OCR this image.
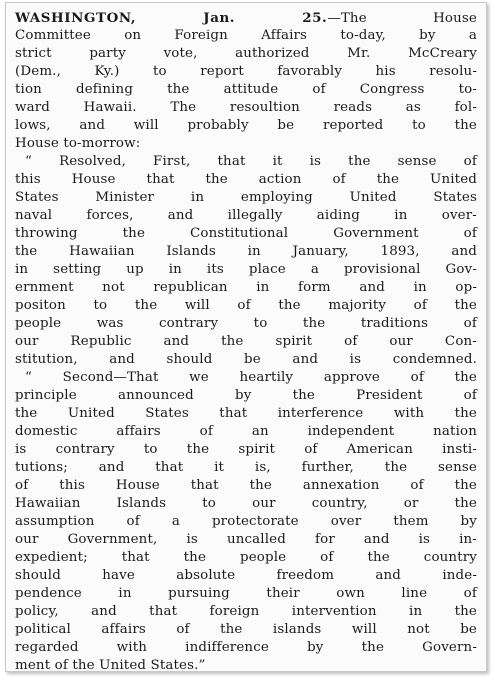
WASHINGTON, Jan. 25.—The House
Committee on Foreign Affairs to-day, by a
strict party vote, authorized Mr. McCreary
(Dem., Ky.) to report favorably his resolu-
tion defining the attitude of Congress to-
ward Hawaii. The resoultion reads as fol-
lows, and will probably be reported to the
House to-morrow:
“ Resolved, First, that it is the sense of
this House that the action of the United
States Minister in employing United States
naval forces, and illegally aiding in over-
throwing the Constitutional Government of
the Hawaiian Islands in January, 1893, and
in setting up in its place a provisional Gov-
ernment not republican in form and in op-
positon to the will of the majority of the
people was contrary to the traditions of
our Republic and the spirit of our Con-
stitution, and should be and is condemned.
“ Second—That we heartily approve of the
principle announced by the President of
the United States that interference with the
domestic affairs of an independent nation
is contrary to the spirit of American insti-
tutions; and that it is, further, the sense
of this House that the annexation of the
Hawaiian Islands to our country, or the
assumption of a protectorate over them by
our Government, is uncalled for and is in-
expedient; that the people of the country
should have absolute freedom and inde-
pendence in pursuing their own line of
policy, and that foreign intervention in the
political affairs of the islands will not be
regarded with indifference by the Govern-
ment of the United States.”
